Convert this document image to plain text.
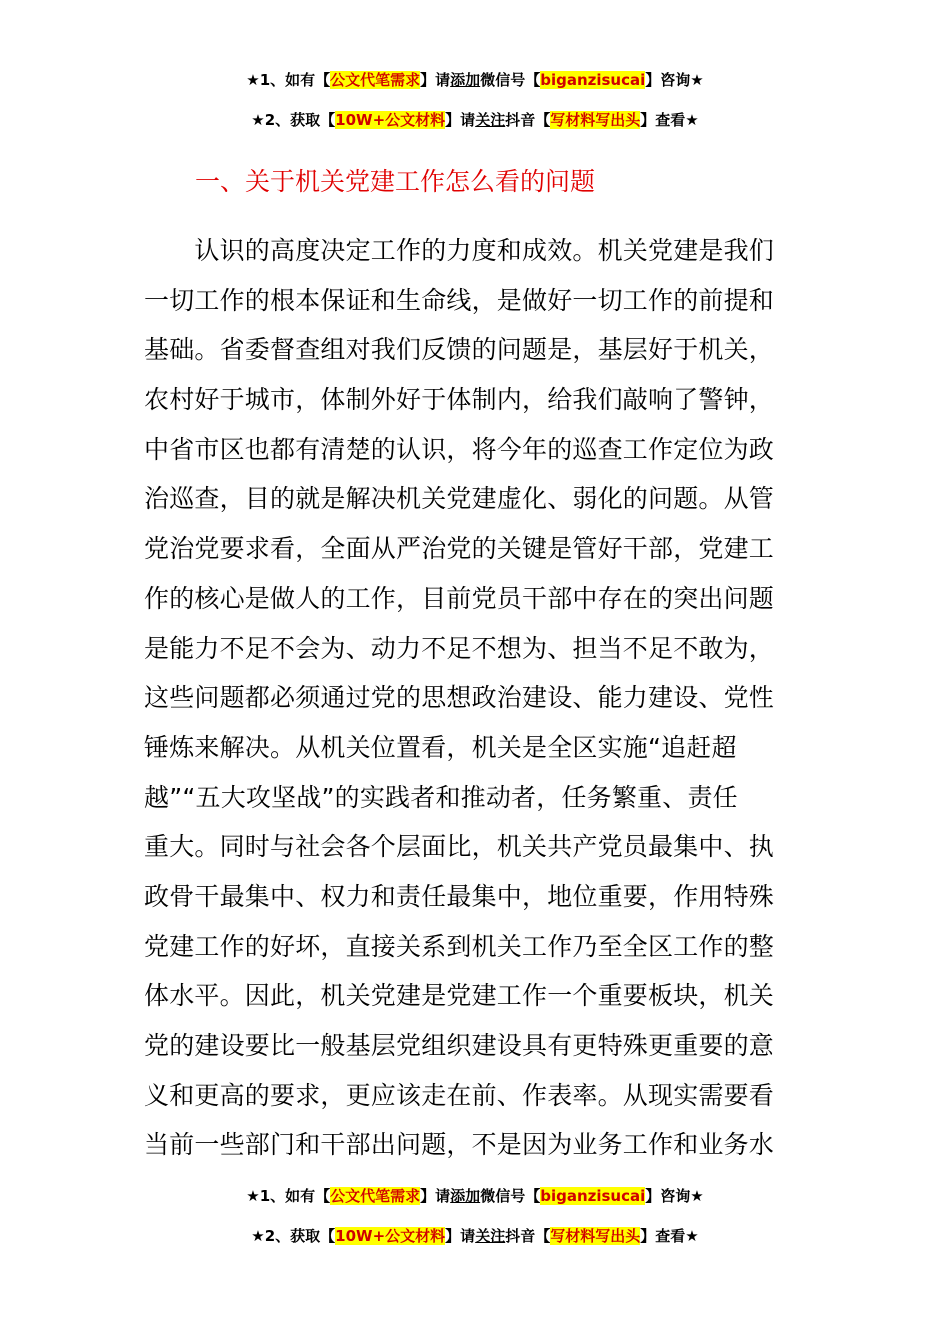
★1、如有【公文代笔需求】请添加微信号【biganzisucai】咨询★
★2、获取【10W+公文材料】请关注抖音【写材料写出头】查看★
一、关于机关党建工作怎么看的问题
　　认识的高度决定工作的力度和成效。机关党建是我们
一切工作的根本保证和生命线，是做好一切工作的前提和
基础。省委督查组对我们反馈的问题是，基层好于机关，
农村好于城市，体制外好于体制内，给我们敲响了警钟，
中省市区也都有清楚的认识，将今年的巡查工作定位为政
治巡查，目的就是解决机关党建虚化、弱化的问题。从管
党治党要求看，全面从严治党的关键是管好干部，党建工
作的核心是做人的工作，目前党员干部中存在的突出问题
是能力不足不会为、动力不足不想为、担当不足不敢为，
这些问题都必须通过党的思想政治建设、能力建设、党性
锤炼来解决。从机关位置看，机关是全区实施“追赶超
越”“五大攻坚战”的实践者和推动者，任务繁重、责任
重大。同时与社会各个层面比，机关共产党员最集中、执
政骨干最集中、权力和责任最集中，地位重要，作用特殊
党建工作的好坏，直接关系到机关工作乃至全区工作的整
体水平。因此，机关党建是党建工作一个重要板块，机关
党的建设要比一般基层党组织建设具有更特殊更重要的意
义和更高的要求，更应该走在前、作表率。从现实需要看
当前一些部门和干部出问题，不是因为业务工作和业务水
★1、如有【公文代笔需求】请添加微信号【biganzisucai】咨询★
★2、获取【10W+公文材料】请关注抖音【写材料写出头】查看★
